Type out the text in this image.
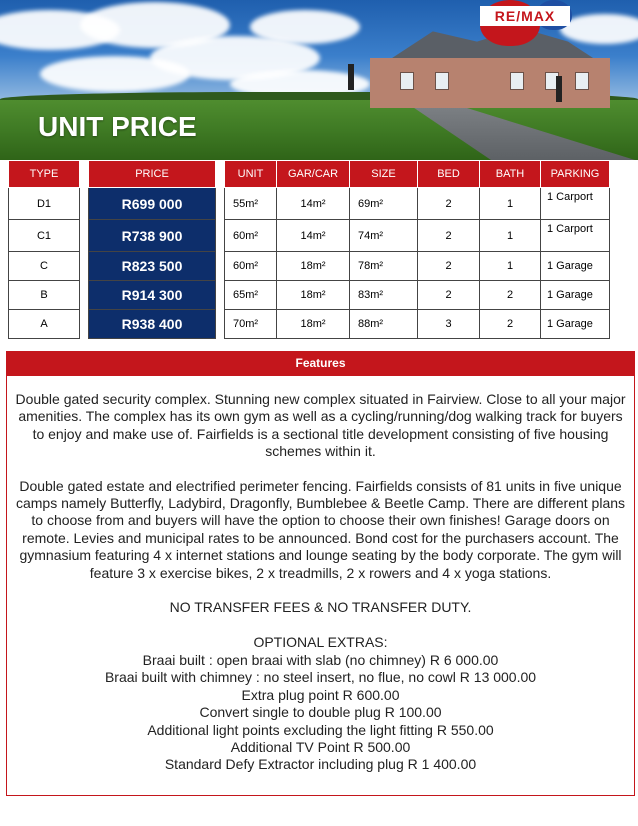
RE/MAX
UNIT PRICE
TYPE		PRICE		UNIT	GAR/CAR	SIZE	BED	BATH	PARKING
D1		R699 000		55m²	14m²	69m²	2	1	1 Carport
C1		R738 900		60m²	14m²	74m²	2	1	1 Carport
C		R823 500		60m²	18m²	78m²	2	1	1 Garage
B		R914 300		65m²	18m²	83m²	2	2	1 Garage
A		R938 400		70m²	18m²	88m²	3	2	1 Garage
Features

Double gated security complex. Stunning new complex situated in Fairview. Close to all your major amenities. The complex has its own gym as well as a cycling/running/dog walking track for buyers to enjoy and make use of. Fairfields is a sectional title development consisting of five housing schemes within it.

Double gated estate and electrified perimeter fencing. Fairfields consists of 81 units in five unique camps namely Butterfly, Ladybird, Dragonfly, Bumblebee & Beetle Camp. There are different plans to choose from and buyers will have the option to choose their own finishes! Garage doors on remote. Levies and municipal rates to be announced. Bond cost for the purchasers account. The gymnasium featuring 4 x internet stations and lounge seating by the body corporate. The gym will feature 3 x exercise bikes, 2 x treadmills, 2 x rowers and 4 x yoga stations.

NO TRANSFER FEES & NO TRANSFER DUTY.

OPTIONAL EXTRAS:

Braai built : open braai with slab (no chimney) R 6 000.00

Braai built with chimney : no steel insert, no flue, no cowl R 13 000.00

Extra plug point R 600.00

Convert single to double plug R 100.00

Additional light points excluding the light fitting R 550.00

Additional TV Point R 500.00

Standard Defy Extractor including plug R 1 400.00
